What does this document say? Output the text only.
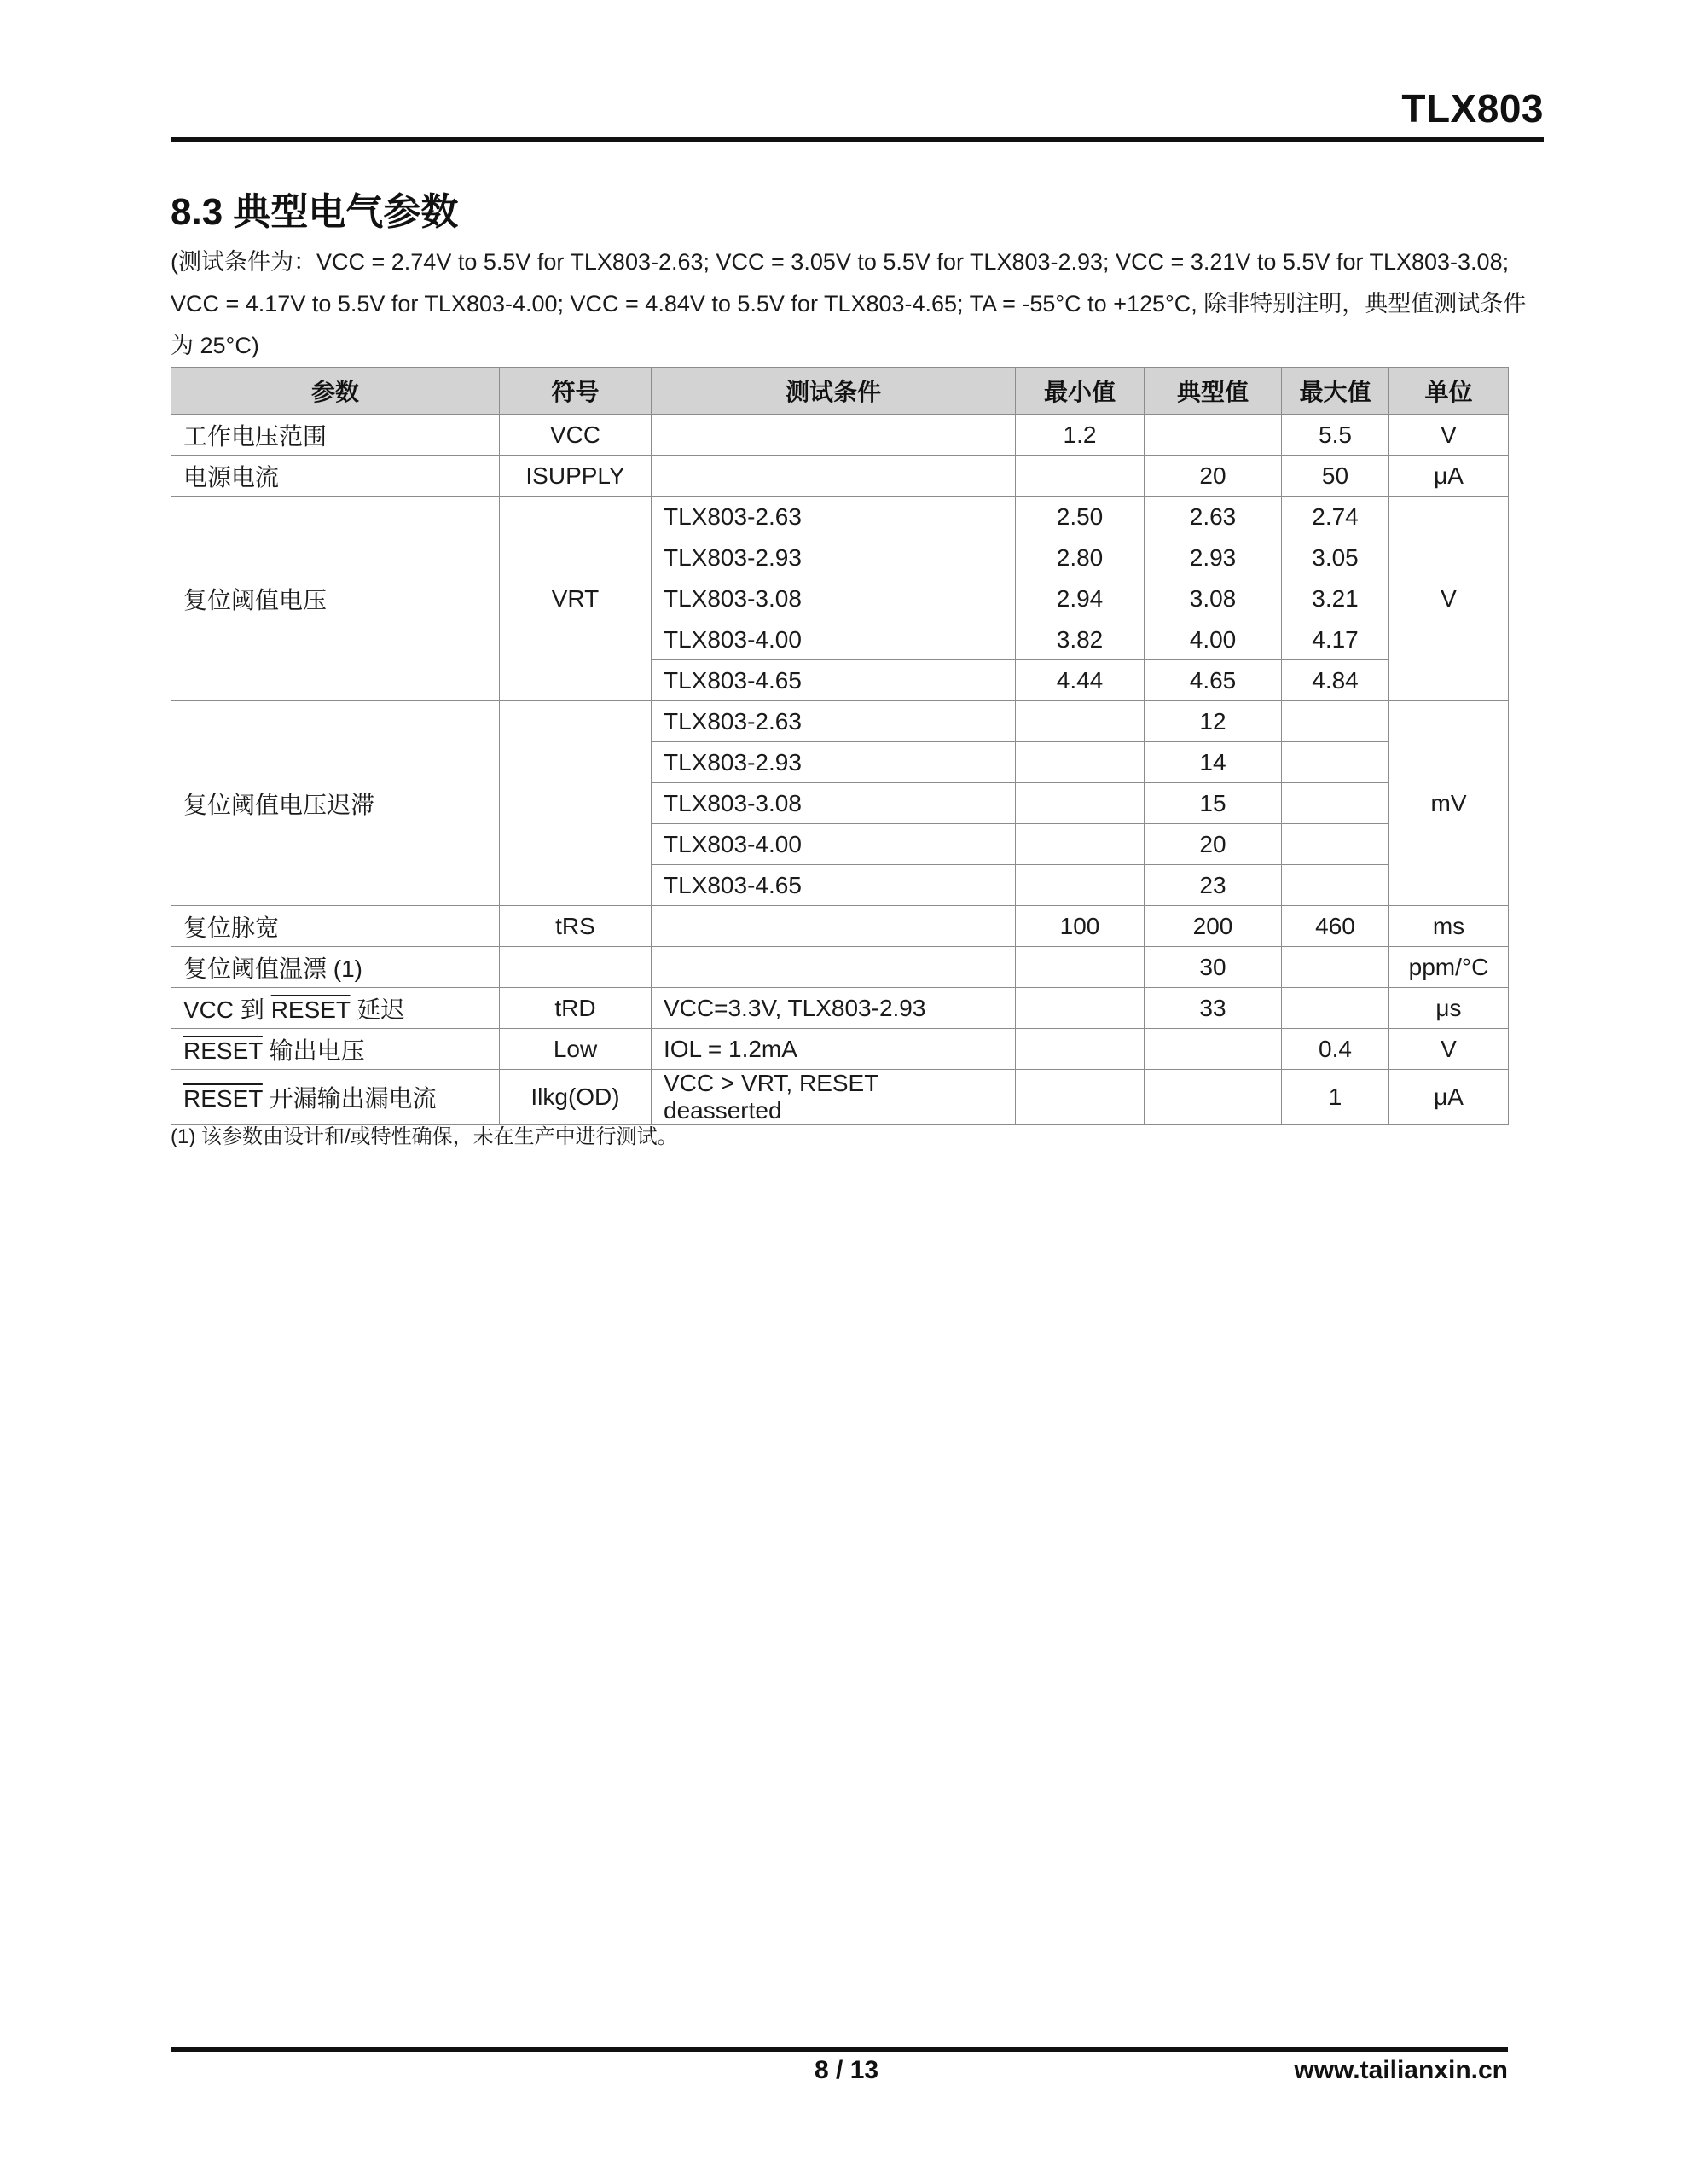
TLX803
8.3 典型电气参数
(测试条件为：VCC = 2.74V to 5.5V for TLX803-2.63; VCC = 3.05V to 5.5V for TLX803-2.93; VCC = 3.21V to 5.5V for TLX803-3.08; VCC = 4.17V to 5.5V for TLX803-4.00; VCC = 4.84V to 5.5V for TLX803-4.65; TA = -55°C to +125°C, 除非特别注明，典型值测试条件为 25°C)
参数	符号	测试条件	最小值	典型值	最大值	单位
工作电压范围	VCC		1.2		5.5	V
电源电流	ISUPPLY			20	50	μA
复位阈值电压	VRT	TLX803-2.63	2.50	2.63	2.74	V
		TLX803-2.93	2.80	2.93	3.05	
		TLX803-3.08	2.94	3.08	3.21	
		TLX803-4.00	3.82	4.00	4.17	
		TLX803-4.65	4.44	4.65	4.84	
复位阈值电压迟滞		TLX803-2.63		12		mV
		TLX803-2.93		14		
		TLX803-3.08		15		
		TLX803-4.00		20		
		TLX803-4.65		23		
复位脉宽	tRS		100	200	460	ms
复位阈值温漂 (1)				30		ppm/°C
VCC 到 RESET 延迟	tRD	VCC=3.3V, TLX803-2.93		33		μs
RESET 输出电压	Low	IOL = 1.2mA			0.4	V
RESET 开漏输出漏电流	Ilkg(OD)	VCC > VRT, RESET deasserted			1	μA
(1) 该参数由设计和/或特性确保，未在生产中进行测试。
8 / 13	www.tailianxin.cn
